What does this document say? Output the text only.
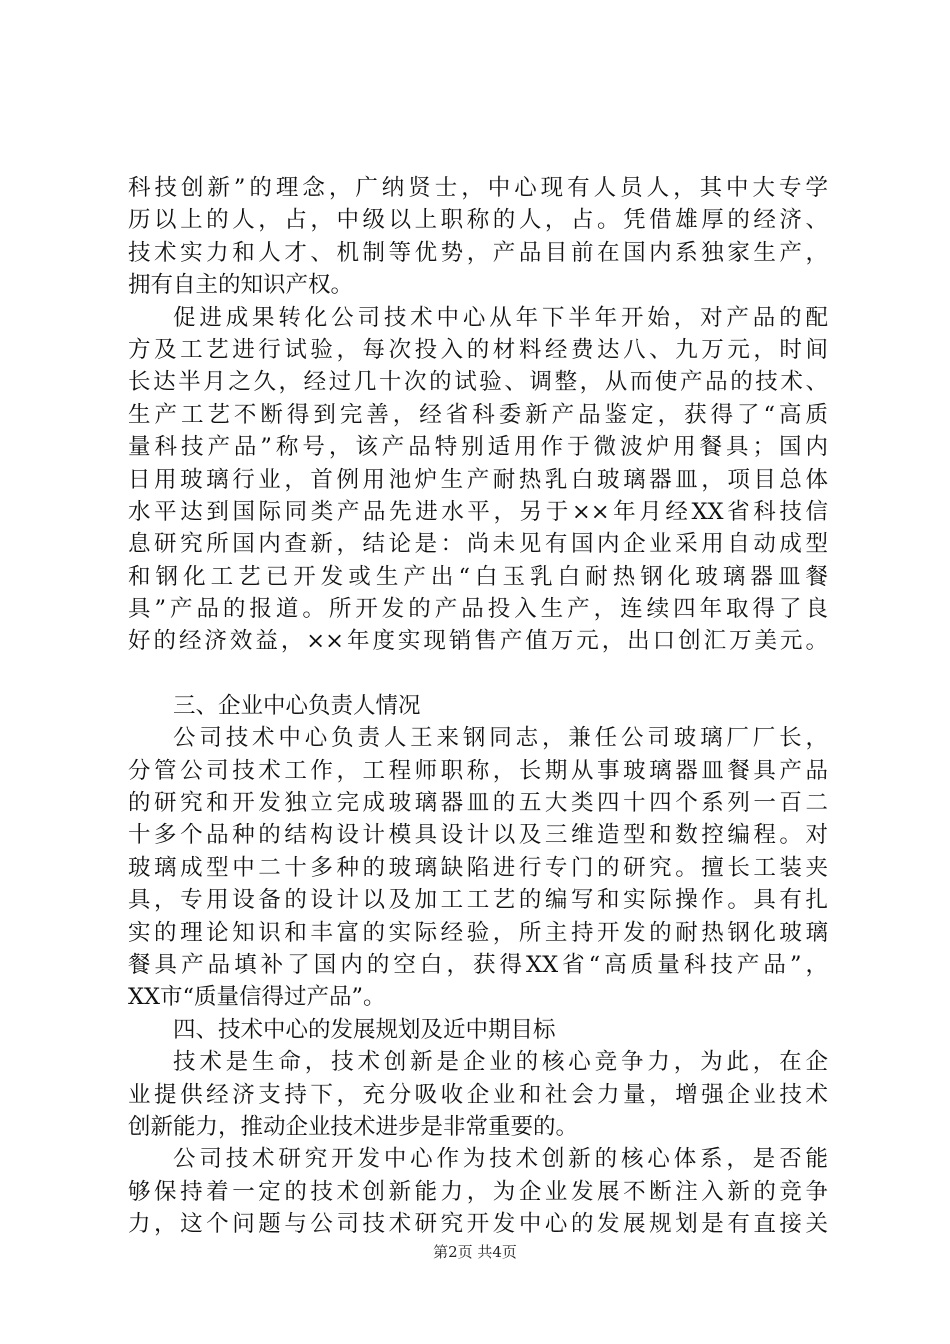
科技创新”的理念，广纳贤士，中心现有人员人，其中大专学
历以上的人，占，中级以上职称的人，占。凭借雄厚的经济、
技术实力和人才、机制等优势，产品目前在国内系独家生产，
拥有自主的知识产权。
促进成果转化公司技术中心从年下半年开始，对产品的配
方及工艺进行试验，每次投入的材料经费达八、九万元，时间
长达半月之久，经过几十次的试验、调整，从而使产品的技术、
生产工艺不断得到完善，经省科委新产品鉴定，获得了“高质
量科技产品”称号，该产品特别适用作于微波炉用餐具；国内
日用玻璃行业，首例用池炉生产耐热乳白玻璃器皿，项目总体
水平达到国际同类产品先进水平，另于××年月经XX省科技信
息研究所国内查新，结论是：尚未见有国内企业采用自动成型
和钢化工艺已开发或生产出“白玉乳白耐热钢化玻璃器皿餐
具”产品的报道。所开发的产品投入生产，连续四年取得了良
好的经济效益，××年度实现销售产值万元，出口创汇万美元。
三、企业中心负责人情况
公司技术中心负责人王来钢同志，兼任公司玻璃厂厂长，
分管公司技术工作，工程师职称，长期从事玻璃器皿餐具产品
的研究和开发独立完成玻璃器皿的五大类四十四个系列一百二
十多个品种的结构设计模具设计以及三维造型和数控编程。对
玻璃成型中二十多种的玻璃缺陷进行专门的研究。擅长工装夹
具，专用设备的设计以及加工工艺的编写和实际操作。具有扎
实的理论知识和丰富的实际经验，所主持开发的耐热钢化玻璃
餐具产品填补了国内的空白，获得XX省“高质量科技产品”，
XX市“质量信得过产品”。
四、技术中心的发展规划及近中期目标
技术是生命，技术创新是企业的核心竞争力，为此，在企
业提供经济支持下，充分吸收企业和社会力量，增强企业技术
创新能力，推动企业技术进步是非常重要的。
公司技术研究开发中心作为技术创新的核心体系，是否能
够保持着一定的技术创新能力，为企业发展不断注入新的竞争
力，这个问题与公司技术研究开发中心的发展规划是有直接关
第2页 共4页
